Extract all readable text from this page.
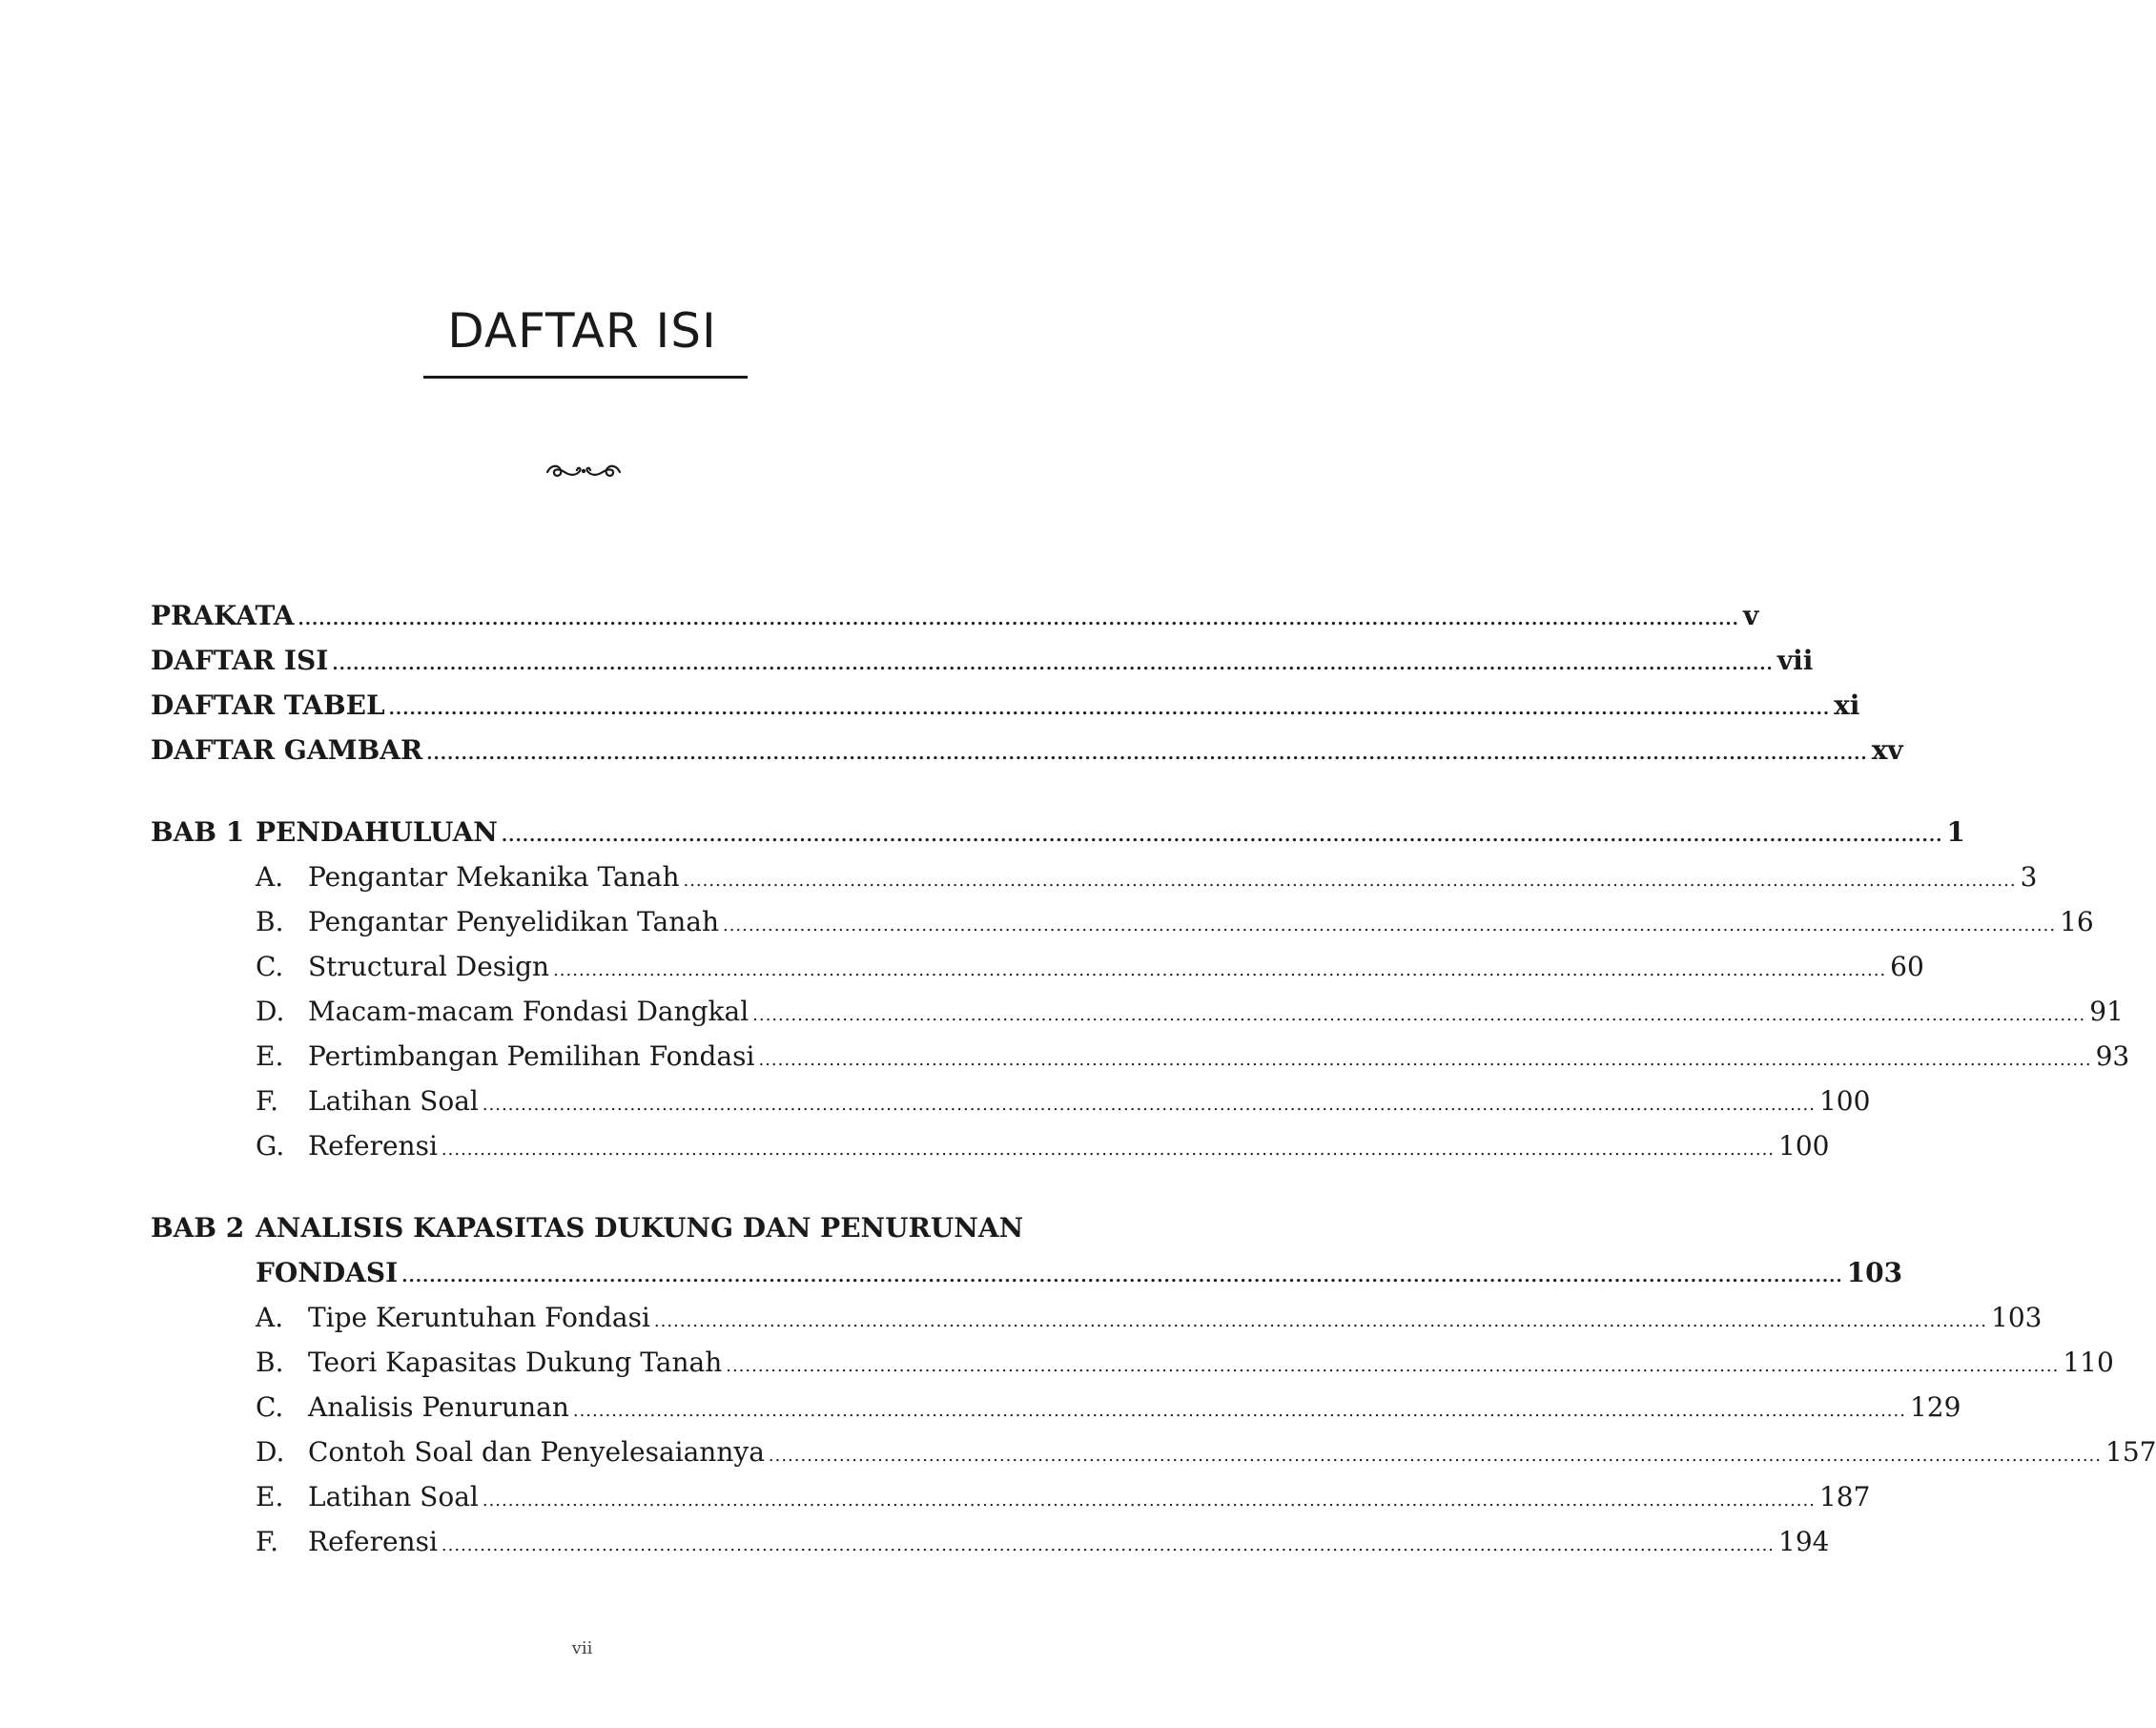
DAFTAR ISI
PRAKATA ................................................................................................................................................................................................................ v
DAFTAR ISI ................................................................................................................................................................................................................ vii
DAFTAR TABEL ................................................................................................................................................................................................................ xi
DAFTAR GAMBAR ................................................................................................................................................................................................................ xv
BAB 1 PENDAHULUAN ................................................................................................................................................................................................................ 1
A. Pengantar Mekanika Tanah ................................................................................................................................................................................................................ 3
B. Pengantar Penyelidikan Tanah ................................................................................................................................................................................................................ 16
C. Structural Design ................................................................................................................................................................................................................ 60
D. Macam-macam Fondasi Dangkal ................................................................................................................................................................................................................ 91
E. Pertimbangan Pemilihan Fondasi ................................................................................................................................................................................................................ 93
F. Latihan Soal ................................................................................................................................................................................................................ 100
G. Referensi ................................................................................................................................................................................................................ 100
BAB 2 ANALISIS KAPASITAS DUKUNG DAN PENURUNAN
FONDASI ................................................................................................................................................................................................................ 103
A. Tipe Keruntuhan Fondasi ................................................................................................................................................................................................................ 103
B. Teori Kapasitas Dukung Tanah ................................................................................................................................................................................................................ 110
C. Analisis Penurunan ................................................................................................................................................................................................................ 129
D. Contoh Soal dan Penyelesaiannya ................................................................................................................................................................................................................ 157
E. Latihan Soal ................................................................................................................................................................................................................ 187
F. Referensi ................................................................................................................................................................................................................ 194
vii
